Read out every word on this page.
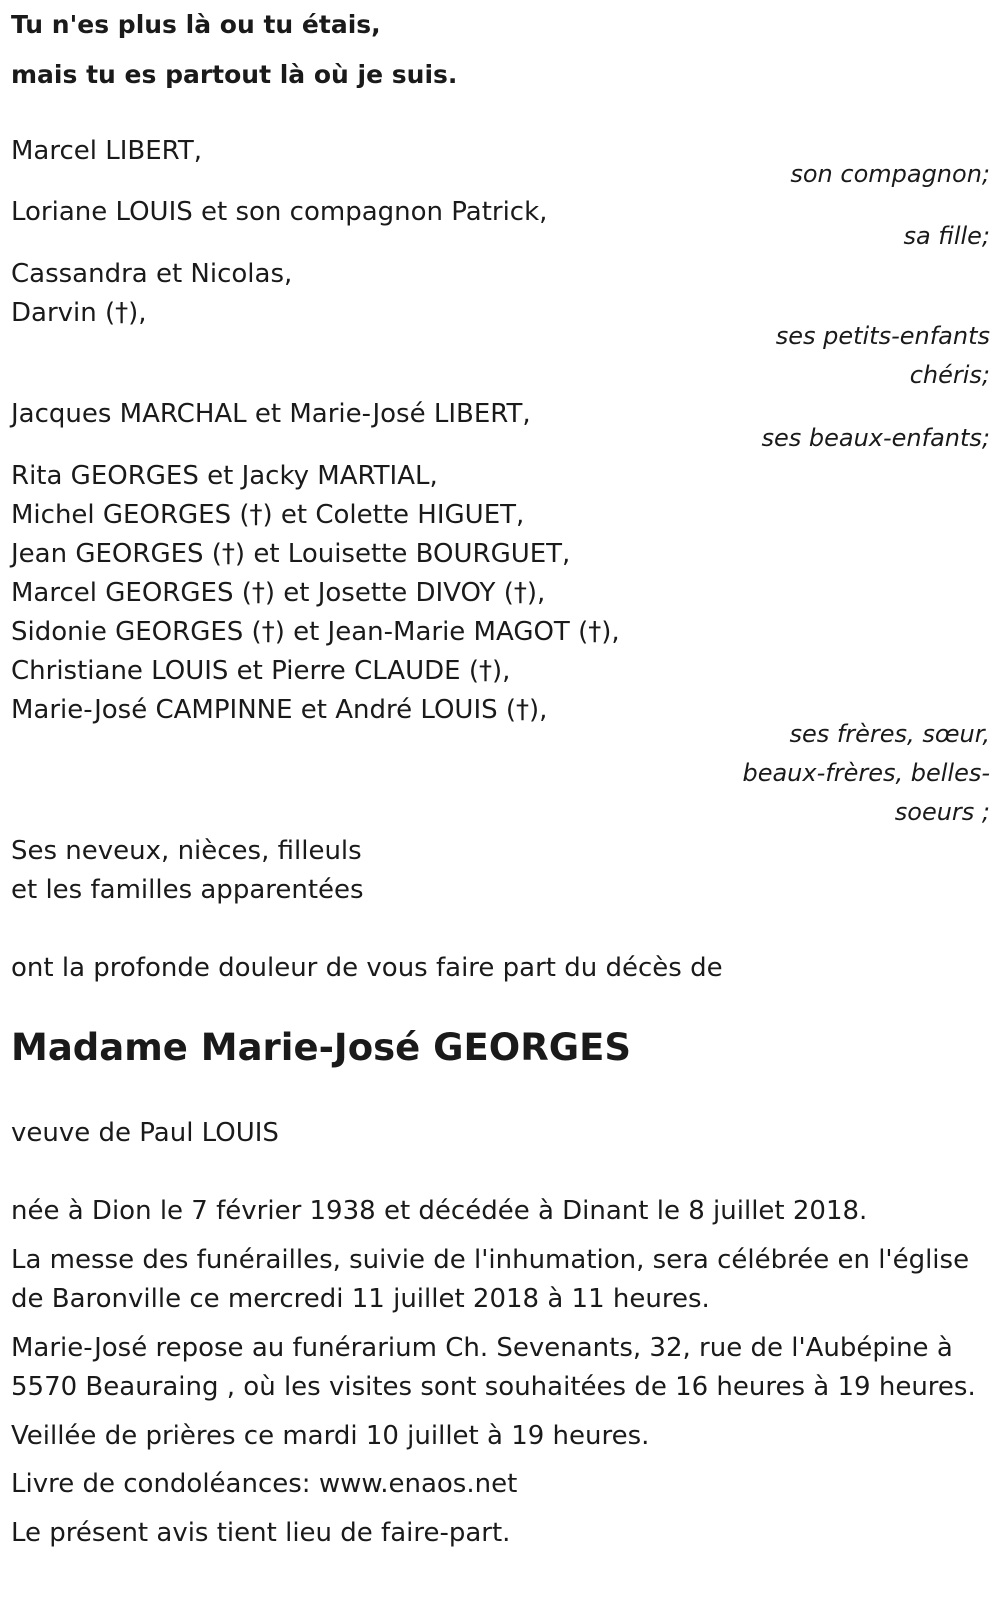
Tu n'es plus là ou tu étais,
mais tu es partout là où je suis.
Marcel LIBERT,
son compagnon;
Loriane LOUIS et son compagnon Patrick,
sa fille;
Cassandra et Nicolas,
Darvin (†),
ses petits-enfants
chéris;
Jacques MARCHAL et Marie-José LIBERT,
ses beaux-enfants;
Rita GEORGES et Jacky MARTIAL,
Michel GEORGES (†) et Colette HIGUET,
Jean GEORGES (†) et Louisette BOURGUET,
Marcel GEORGES (†) et Josette DIVOY (†),
Sidonie GEORGES (†) et Jean-Marie MAGOT (†),
Christiane LOUIS et Pierre CLAUDE (†),
Marie-José CAMPINNE et André LOUIS (†),
ses frères, sœur,
beaux-frères, belles-
soeurs ;
Ses neveux, nièces, filleuls
et les familles apparentées
ont la profonde douleur de vous faire part du décès de
Madame Marie-José GEORGES
veuve de Paul LOUIS
née à Dion le 7 février 1938 et décédée à Dinant le 8 juillet 2018.
La messe des funérailles, suivie de l'inhumation, sera célébrée en l'église
de Baronville ce mercredi 11 juillet 2018 à 11 heures.
Marie-José repose au funérarium Ch. Sevenants, 32, rue de l'Aubépine à
5570 Beauraing , où les visites sont souhaitées de 16 heures à 19 heures.
Veillée de prières ce mardi 10 juillet à 19 heures.
Livre de condoléances: www.enaos.net
Le présent avis tient lieu de faire-part.
